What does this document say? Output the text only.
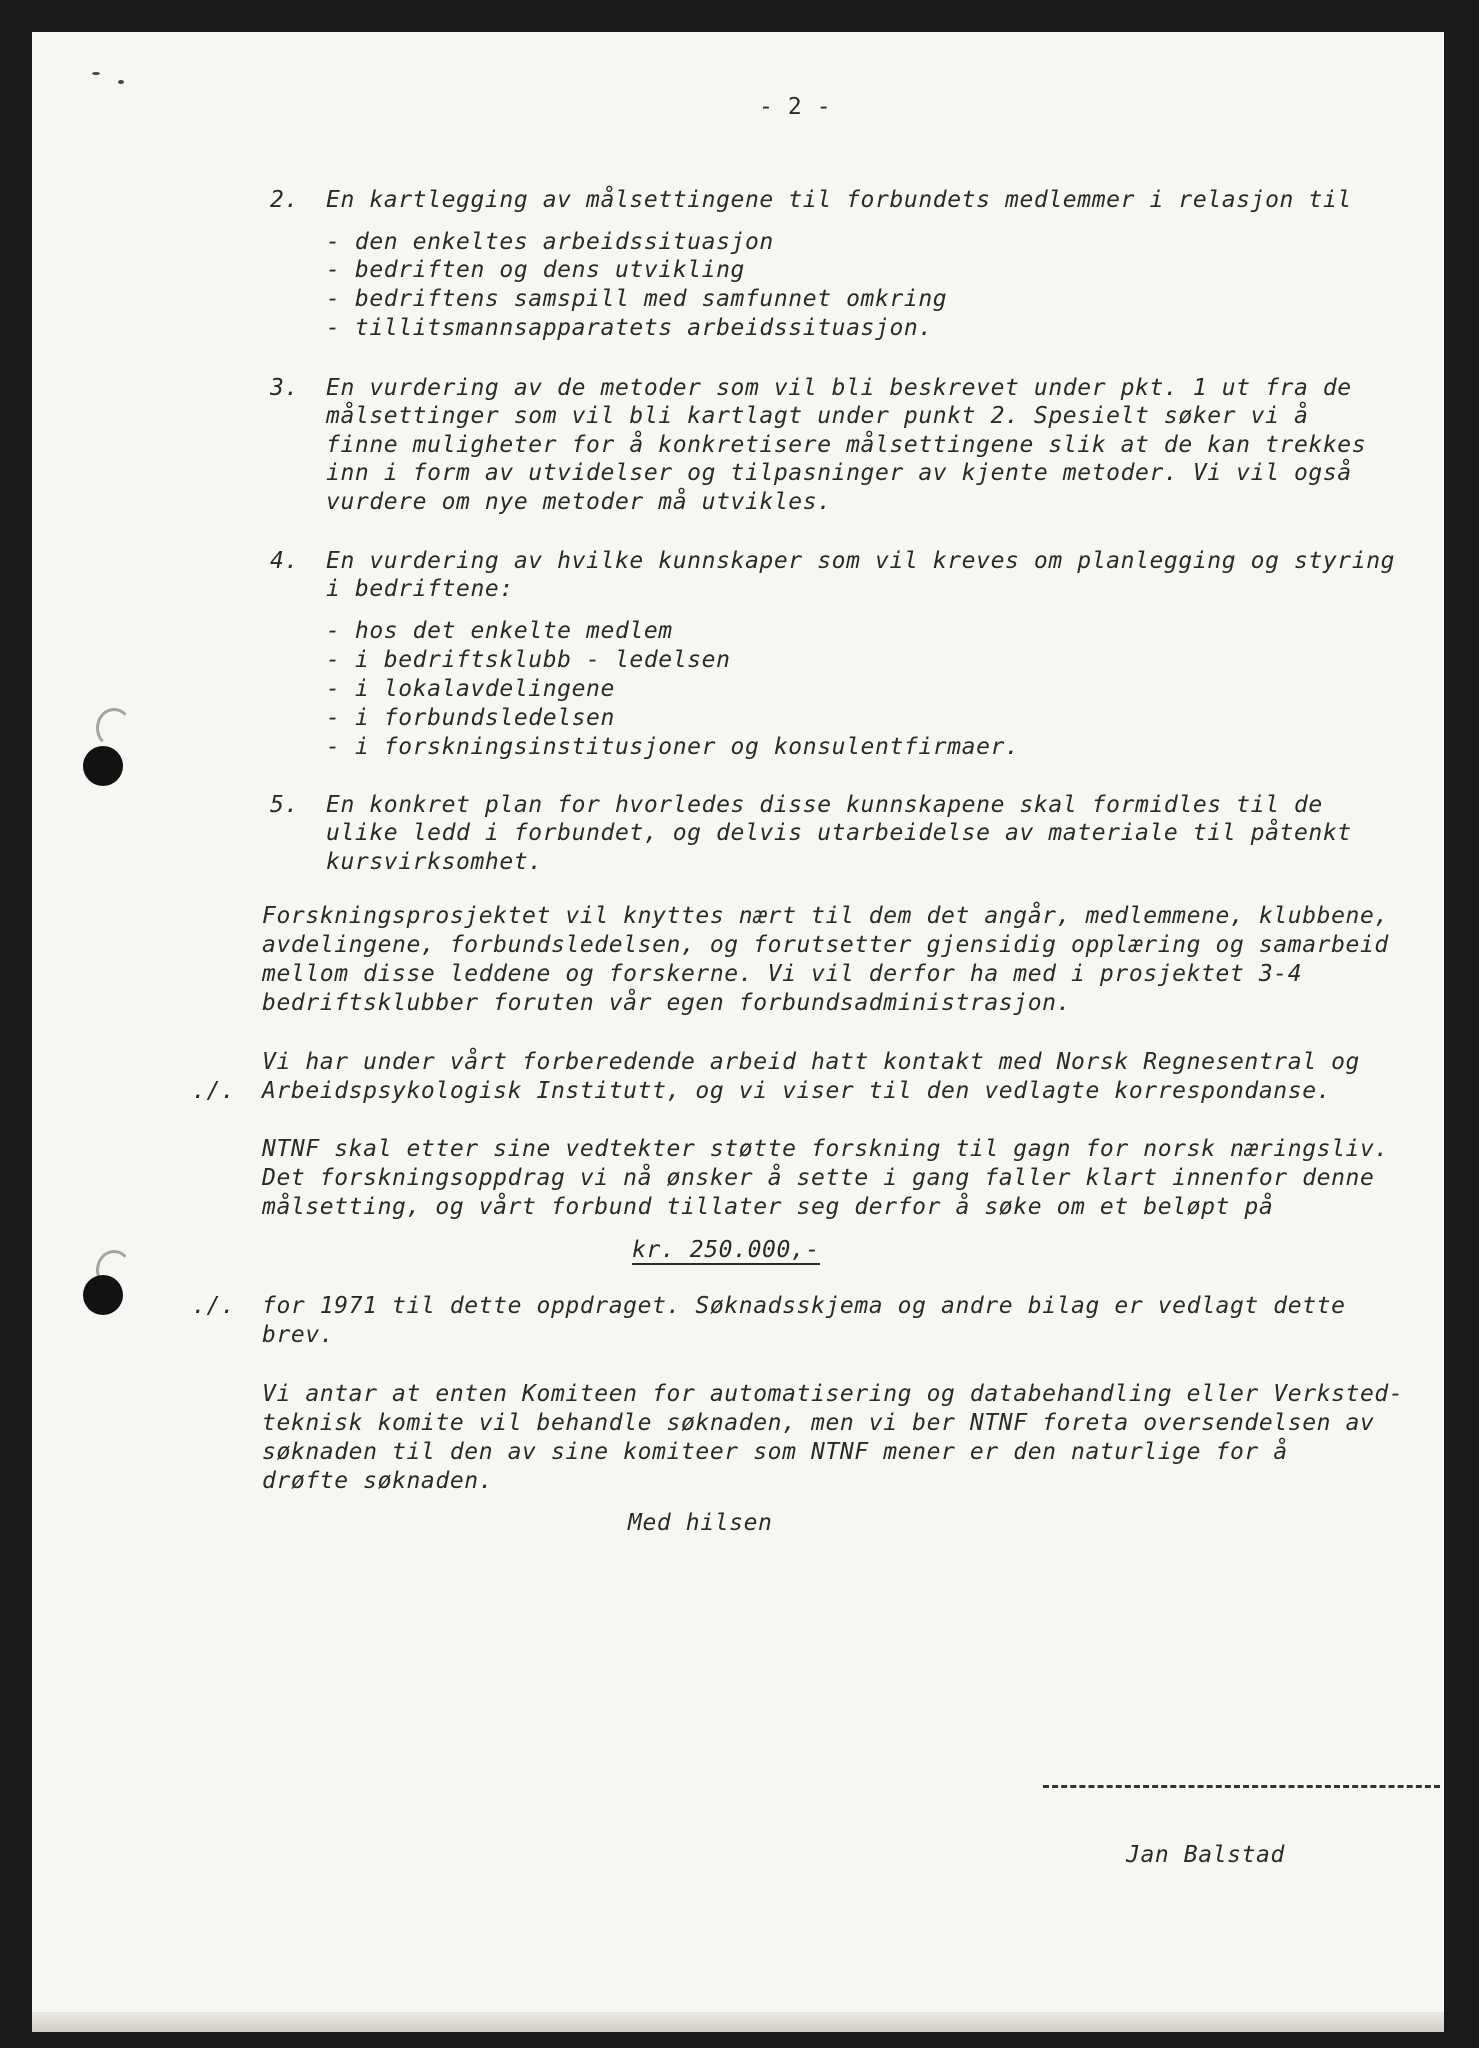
- 2 -
2. En kartlegging av målsettingene til forbundets medlemmer i relasjon til
- den enkeltes arbeidssituasjon
- bedriften og dens utvikling
- bedriftens samspill med samfunnet omkring
- tillitsmannsapparatets arbeidssituasjon.
3. En vurdering av de metoder som vil bli beskrevet under pkt. 1 ut fra de
målsettinger som vil bli kartlagt under punkt 2. Spesielt søker vi å
finne muligheter for å konkretisere målsettingene slik at de kan trekkes
inn i form av utvidelser og tilpasninger av kjente metoder. Vi vil også
vurdere om nye metoder må utvikles.
4. En vurdering av hvilke kunnskaper som vil kreves om planlegging og styring
i bedriftene:
- hos det enkelte medlem
- i bedriftsklubb - ledelsen
- i lokalavdelingene
- i forbundsledelsen
- i forskningsinstitusjoner og konsulentfirmaer.
5. En konkret plan for hvorledes disse kunnskapene skal formidles til de
ulike ledd i forbundet, og delvis utarbeidelse av materiale til påtenkt
kursvirksomhet.
Forskningsprosjektet vil knyttes nært til dem det angår, medlemmene, klubbene,
avdelingene, forbundsledelsen, og forutsetter gjensidig opplæring og samarbeid
mellom disse leddene og forskerne. Vi vil derfor ha med i prosjektet 3-4
bedriftsklubber foruten vår egen forbundsadministrasjon.
Vi har under vårt forberedende arbeid hatt kontakt med Norsk Regnesentral og
./. Arbeidspsykologisk Institutt, og vi viser til den vedlagte korrespondanse.
NTNF skal etter sine vedtekter støtte forskning til gagn for norsk næringsliv.
Det forskningsoppdrag vi nå ønsker å sette i gang faller klart innenfor denne
målsetting, og vårt forbund tillater seg derfor å søke om et beløpt på
kr. 250.000,-
./. for 1971 til dette oppdraget. Søknadsskjema og andre bilag er vedlagt dette
brev.
Vi antar at enten Komiteen for automatisering og databehandling eller Verksted-
teknisk komite vil behandle søknaden, men vi ber NTNF foreta oversendelsen av
søknaden til den av sine komiteer som NTNF mener er den naturlige for å
drøfte søknaden.
Med hilsen
Jan Balstad
